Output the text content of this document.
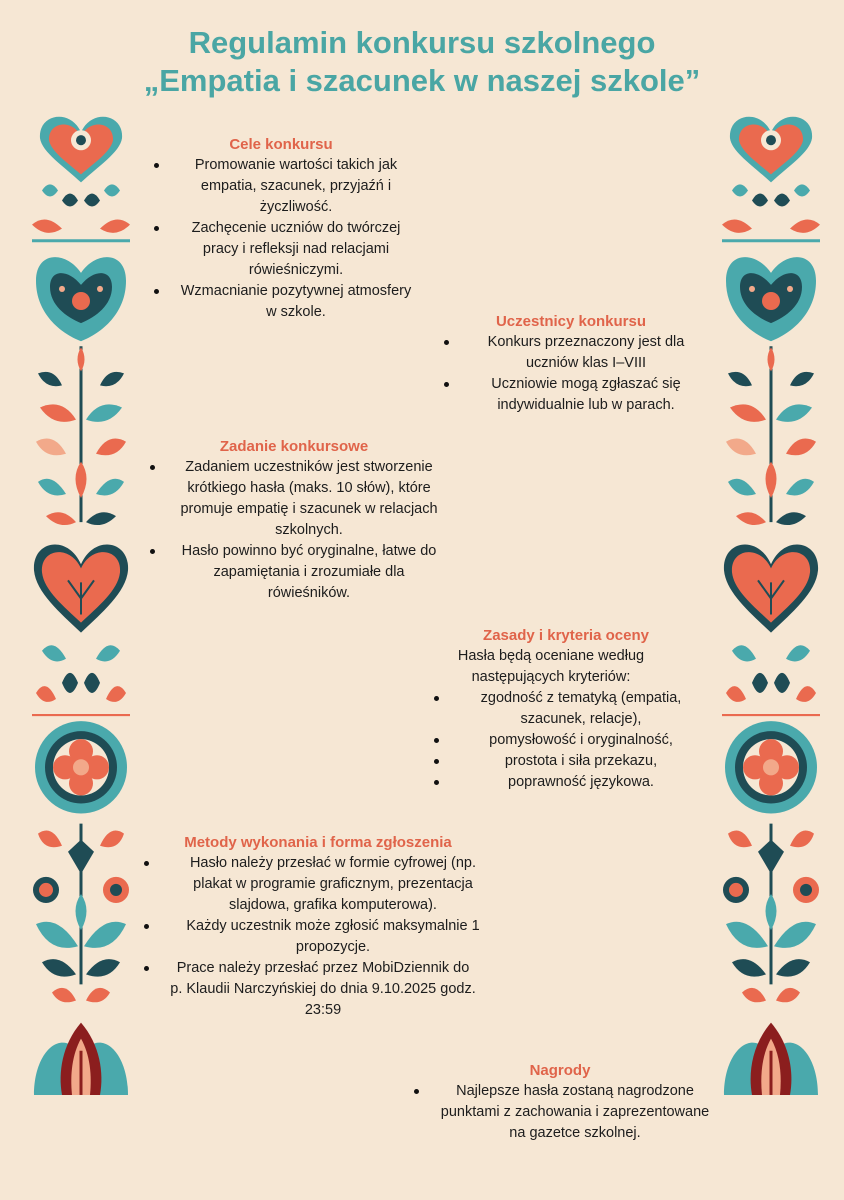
Regulamin konkursu szkolnego
„Empatia i szacunek w naszej szkole”
Cele konkursu
Promowanie wartości takich jak empatia, szacunek, przyjaźń i życzliwość.
Zachęcenie uczniów do twórczej pracy i refleksji nad relacjami rówieśniczymi.
Wzmacnianie pozytywnej atmosfery w szkole.
Uczestnicy konkursu
Konkurs przeznaczony jest dla uczniów klas I–VIII
Uczniowie mogą zgłaszać się indywidualnie lub w parach.
Zadanie konkursowe
Zadaniem uczestników jest stworzenie krótkiego hasła (maks. 10 słów), które promuje empatię i szacunek w relacjach szkolnych.
Hasło powinno być oryginalne, łatwe do zapamiętania i zrozumiałe dla rówieśników.
Zasady i kryteria oceny

Hasła będą oceniane według następujących kryteriów:

zgodność z tematyką (empatia, szacunek, relacje),
pomysłowość i oryginalność,
prostota i siła przekazu,
poprawność językowa.
Metody wykonania i forma zgłoszenia
Hasło należy przesłać w formie cyfrowej (np. plakat w programie graficznym, prezentacja slajdowa, grafika komputerowa).
Każdy uczestnik może zgłosić maksymalnie 1 propozycje.
Prace należy przesłać przez MobiDziennik do p. Klaudii Narczyńskiej do dnia 9.10.2025 godz. 23:59
Nagrody
Najlepsze hasła zostaną nagrodzone punktami z zachowania i zaprezentowane na gazetce szkolnej.
